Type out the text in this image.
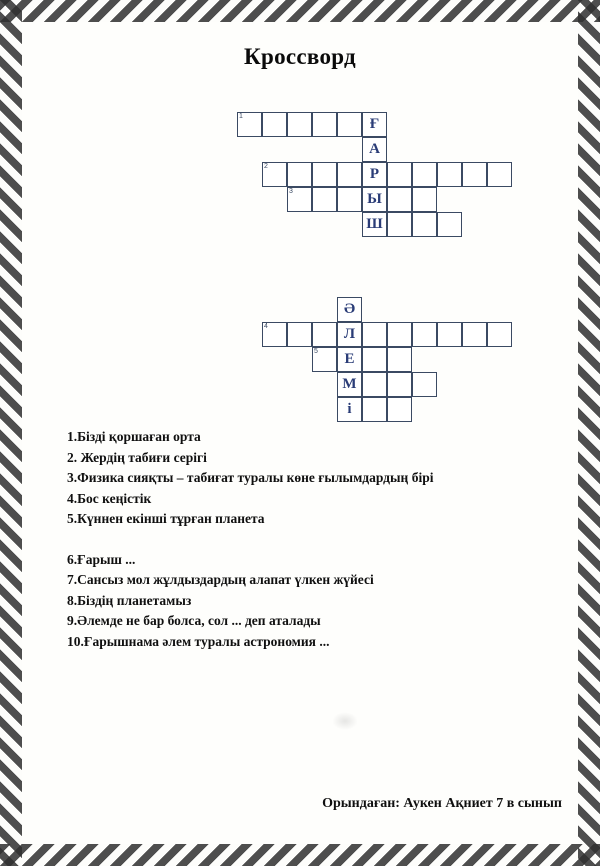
Кроссворд
1	Ғ
А
2	Р
3	Ы
Ш
Ә
4	Л
5	Е
М
і
1.Бізді қоршаған орта
2. Жердің табиғи серігі
3.Физика сияқты – табиғат туралы көне ғылымдардың бірі
4.Бос кеңістік
5.Күннен екінші тұрған планета
6.Ғарыш ...
7.Сансыз мол жұлдыздардың алапат үлкен жүйесі
8.Біздің планетамыз
9.Әлемде не бар болса, сол ... деп аталады
10.Ғарышнама әлем туралы астрономия ...
Орындаған: Аукен Ақниет 7 в сынып
